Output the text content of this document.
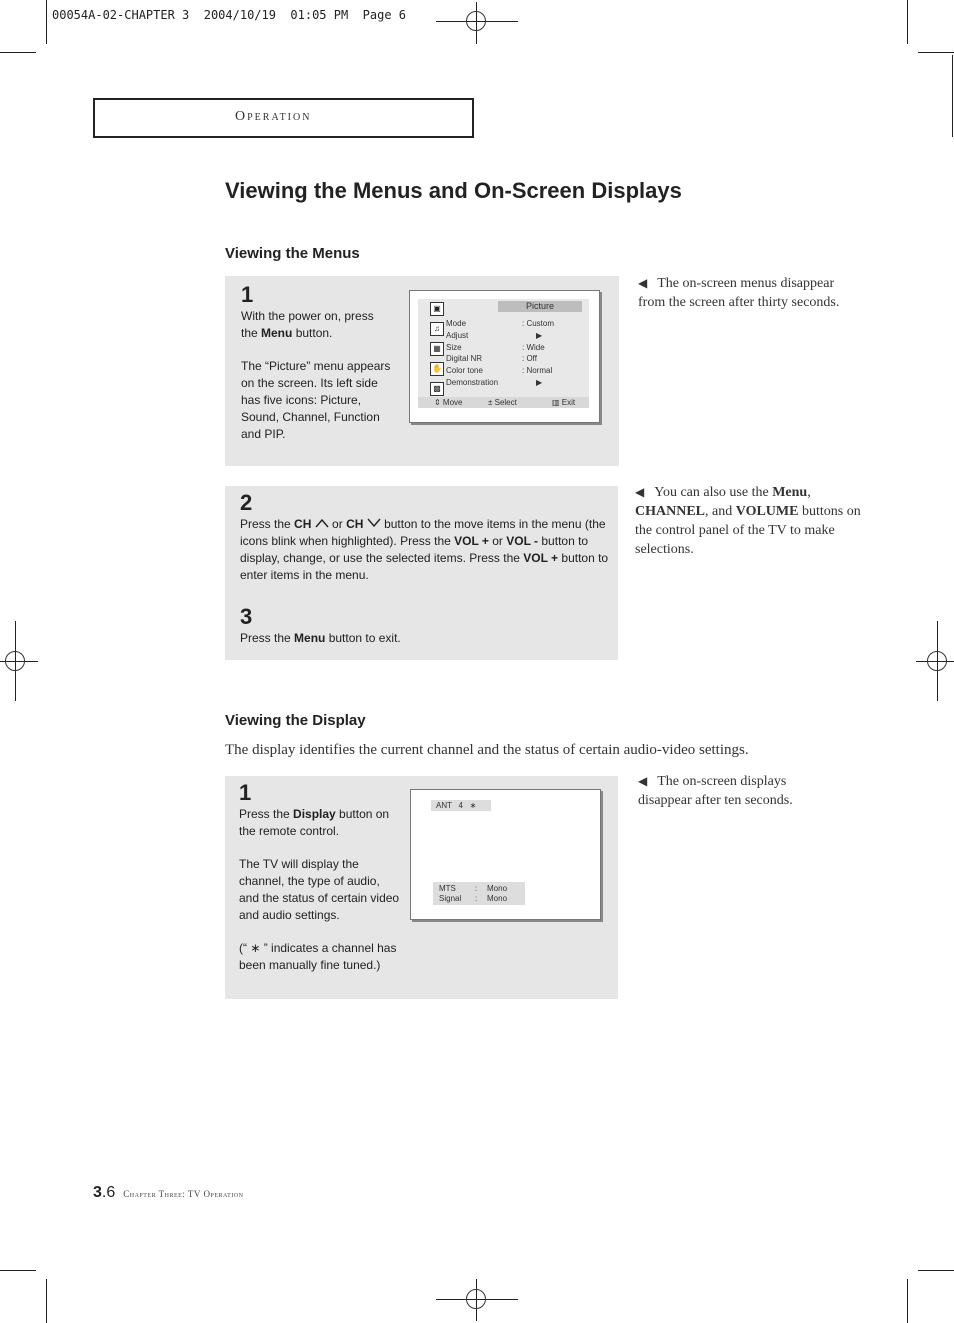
00054A-02-CHAPTER 3  2004/10/19  01:05 PM  Page 6
Operation
Viewing the Menus and On-Screen Displays
Viewing the Menus
1

With the power on, press the Menu button.

The “Picture” menu appears on the screen. Its left side has five icons: Picture, Sound, Channel, Function and PIP.

Picture
▣
♫
▦
✋
▩
Mode	: Custom
Adjust	▶
Size	: Wide
Digital NR	: Off
Color tone	: Normal
Demonstration	▶
⇕ Move	± Select	▥ Exit
◀ The on-screen menus disappear from the screen after thirty seconds.
2
Press the CH  or CH  button to the move items in the menu (the icons blink when highlighted). Press the VOL + or VOL - button to display, change, or use the selected items. Press the VOL + button to enter items in the menu.
3
Press the Menu button to exit.
◀ You can also use the Menu, CHANNEL, and VOLUME buttons on the control panel of the TV to make selections.
Viewing the Display
The display identifies the current channel and the status of certain audio-video settings.
1

Press the Display button on the remote control.

The TV will display the channel, the type of audio, and the status of certain video and audio settings.

(“ ∗ ” indicates a channel has been manually fine tuned.)

ANT   4   ∗
MTS : Mono
Signal : Mono
◀ The on-screen displays disappear after ten seconds.
3.6 Chapter Three: TV Operation
